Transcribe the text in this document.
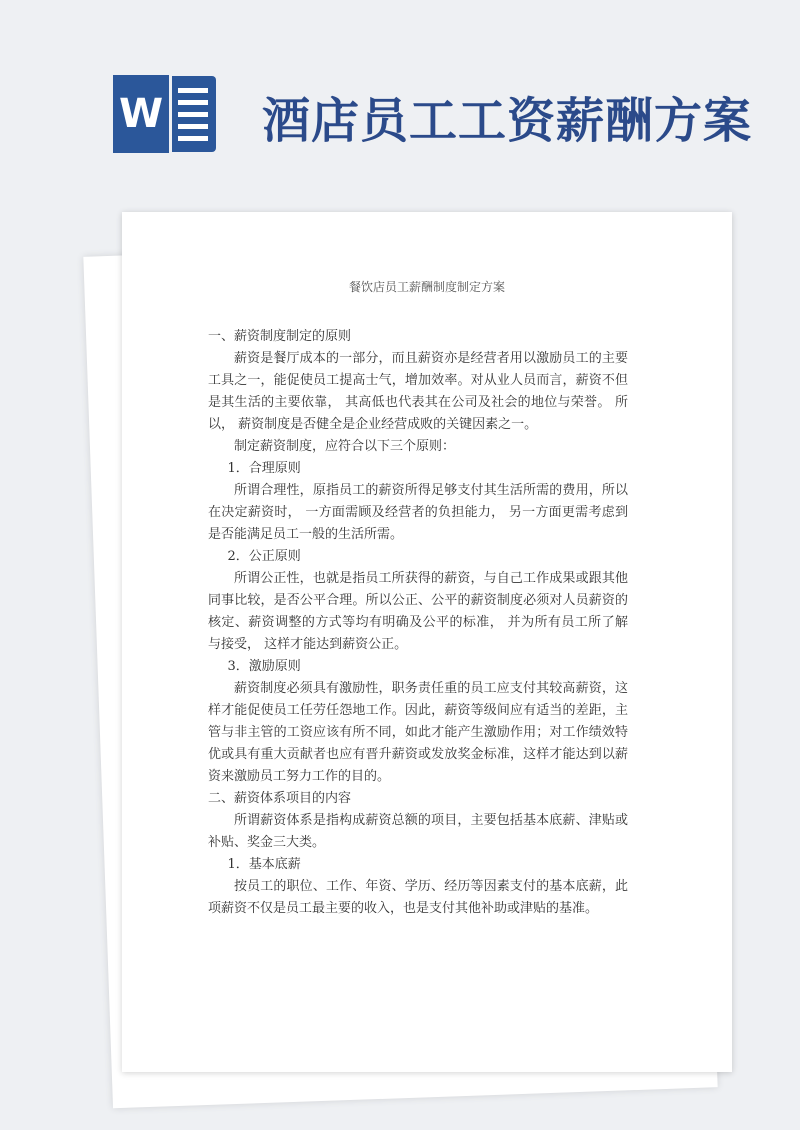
W 酒店员工工资薪酬方案
餐饮店员工薪酬制度制定方案

一、薪资制度制定的原则

薪资是餐厅成本的一部分，而且薪资亦是经营者用以激励员工的主要工具之一，能促使员工提高士气，增加效率。对从业人员而言，薪资不但是其生活的主要依靠， 其高低也代表其在公司及社会的地位与荣誉。 所以， 薪资制度是否健全是企业经营成败的关键因素之一。

制定薪资制度，应符合以下三个原则：

1．合理原则

所谓合理性，原指员工的薪资所得足够支付其生活所需的费用，所以在决定薪资时， 一方面需顾及经营者的负担能力， 另一方面更需考虑到是否能满足员工一般的生活所需。

2．公正原则

所谓公正性，也就是指员工所获得的薪资，与自己工作成果或跟其他同事比较，是否公平合理。所以公正、公平的薪资制度必须对人员薪资的核定、薪资调整的方式等均有明确及公平的标准， 并为所有员工所了解与接受， 这样才能达到薪资公正。

3．激励原则

薪资制度必须具有激励性，职务责任重的员工应支付其较高薪资，这样才能促使员工任劳任怨地工作。因此，薪资等级间应有适当的差距，主管与非主管的工资应该有所不同，如此才能产生激励作用；对工作绩效特优或具有重大贡献者也应有晋升薪资或发放奖金标准，这样才能达到以薪资来激励员工努力工作的目的。

二、薪资体系项目的内容

所谓薪资体系是指构成薪资总额的项目，主要包括基本底薪、津贴或补贴、奖金三大类。

1．基本底薪

按员工的职位、工作、年资、学历、经历等因素支付的基本底薪，此项薪资不仅是员工最主要的收入，也是支付其他补助或津贴的基准。
